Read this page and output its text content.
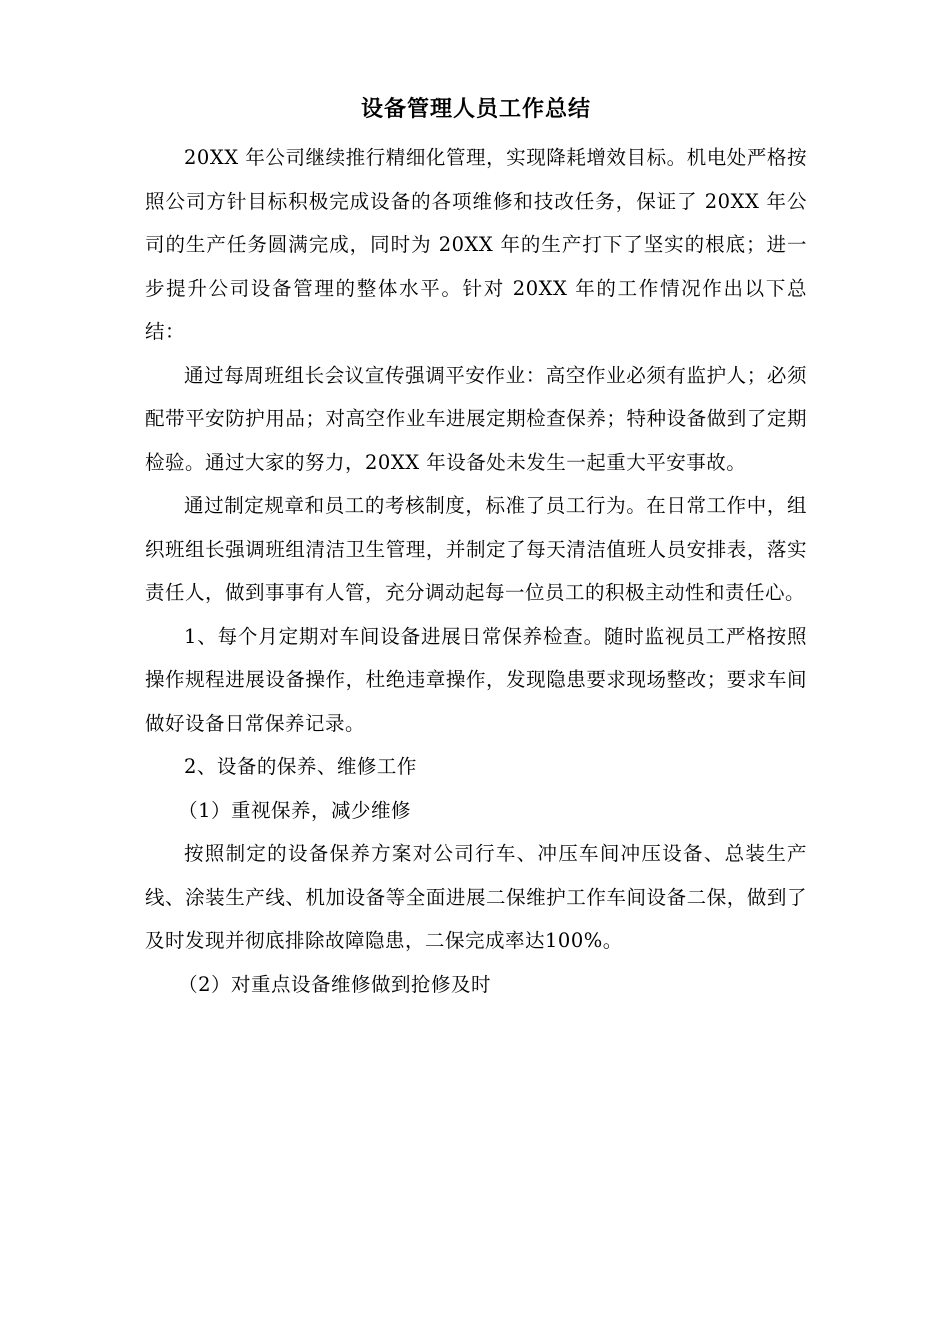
设备管理人员工作总结

20XX 年公司继续推行精细化管理，实现降耗增效目标。机电处严格按照公司方针目标积极完成设备的各项维修和技改任务，保证了 20XX 年公司的生产任务圆满完成，同时为 20XX 年的生产打下了坚实的根底；进一步提升公司设备管理的整体水平。针对 20XX 年的工作情况作出以下总结：

通过每周班组长会议宣传强调平安作业：高空作业必须有监护人；必须配带平安防护用品；对高空作业车进展定期检查保养；特种设备做到了定期检验。通过大家的努力，20XX 年设备处未发生一起重大平安事故。

通过制定规章和员工的考核制度，标准了员工行为。在日常工作中，组织班组长强调班组清洁卫生管理，并制定了每天清洁值班人员安排表，落实责任人，做到事事有人管，充分调动起每一位员工的积极主动性和责任心。

1、每个月定期对车间设备进展日常保养检查。随时监视员工严格按照操作规程进展设备操作，杜绝违章操作，发现隐患要求现场整改；要求车间做好设备日常保养记录。

2、设备的保养、维修工作

（1）重视保养，减少维修

按照制定的设备保养方案对公司行车、冲压车间冲压设备、总装生产线、涂装生产线、机加设备等全面进展二保维护工作车间设备二保，做到了及时发现并彻底排除故障隐患，二保完成率达100%。

（2）对重点设备维修做到抢修及时
